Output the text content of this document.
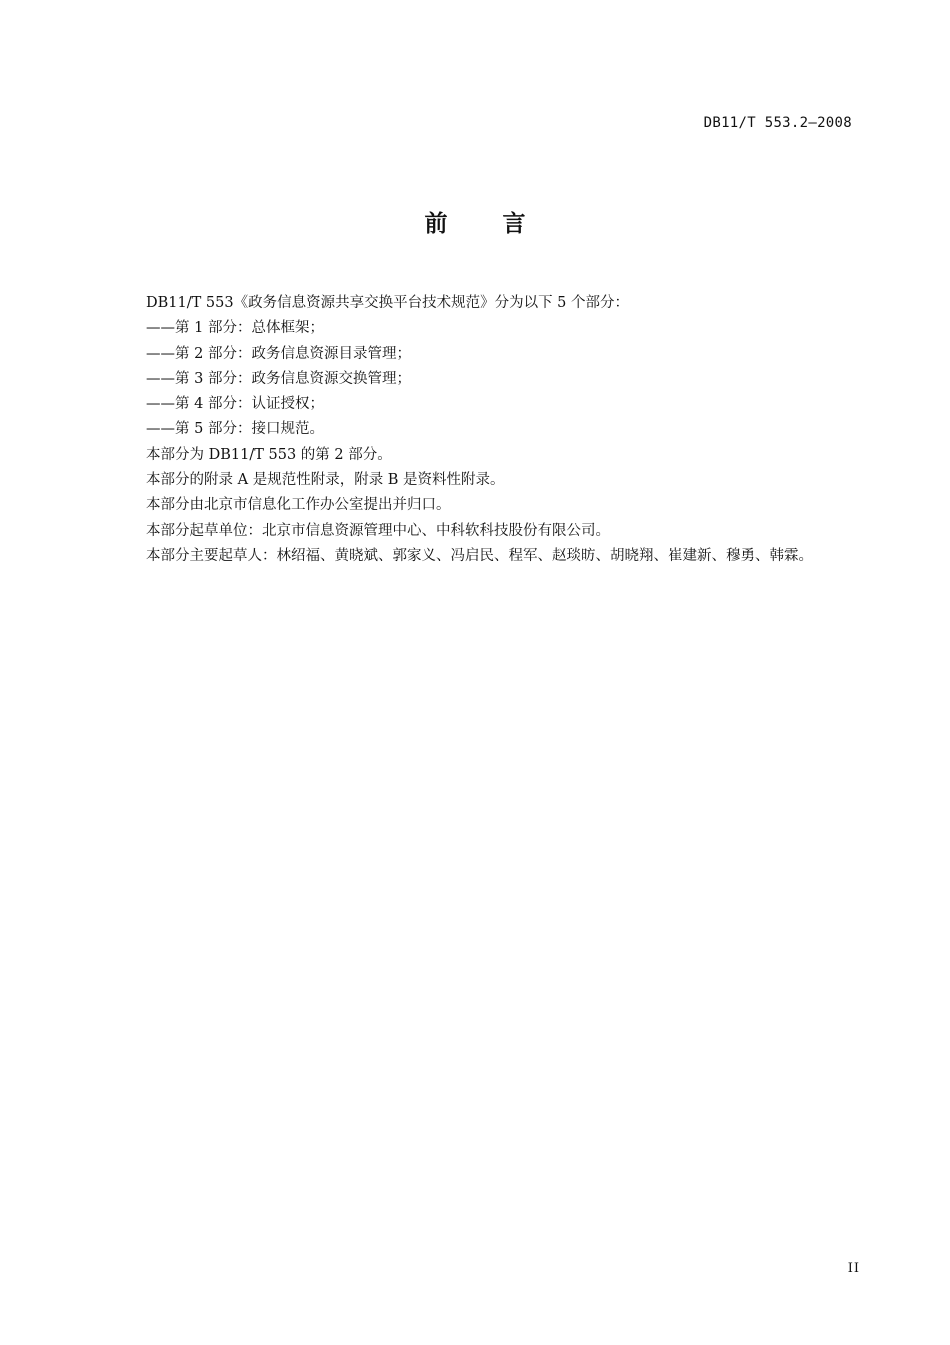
DB11/T 553.2—2008
前言

DB11/T 553《政务信息资源共享交换平台技术规范》分为以下 5 个部分：

——第 1 部分：总体框架；

——第 2 部分：政务信息资源目录管理；

——第 3 部分：政务信息资源交换管理；

——第 4 部分：认证授权；

——第 5 部分：接口规范。

本部分为 DB11/T 553 的第 2 部分。

本部分的附录 A 是规范性附录，附录 B 是资料性附录。

本部分由北京市信息化工作办公室提出并归口。

本部分起草单位：北京市信息资源管理中心、中科软科技股份有限公司。

本部分主要起草人：林绍福、黄晓斌、郭家义、冯启民、程军、赵琰昉、胡晓翔、崔建新、穆勇、韩霖。

II
